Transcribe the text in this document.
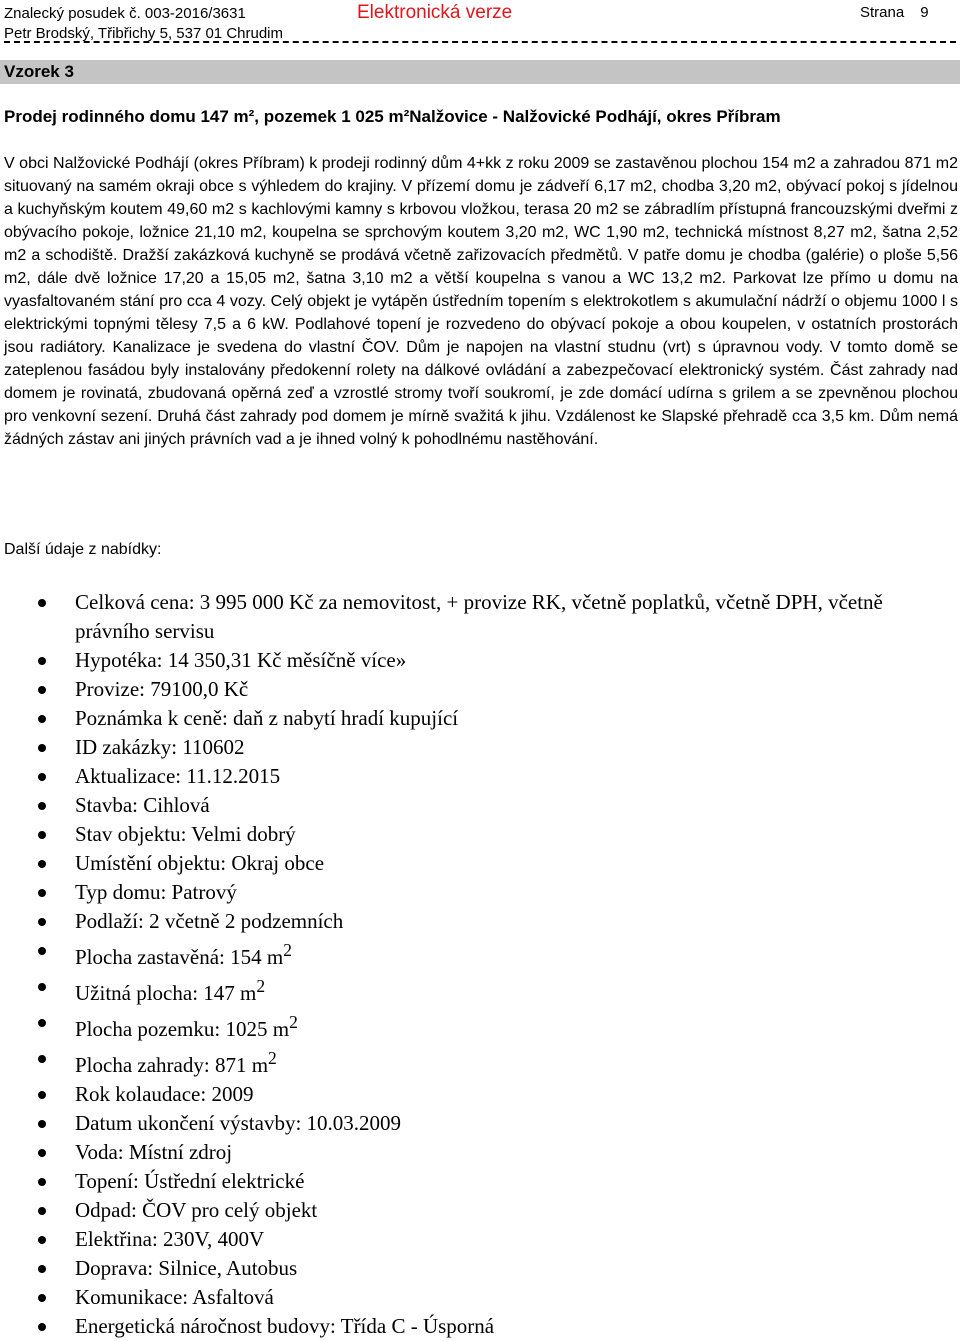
Znalecký posudek č. 003-2016/3631
Petr Brodský, Třibřichy 5, 537 01 Chrudim
Elektronická verze	Strana 9
Vzorek 3
Prodej rodinného domu 147 m², pozemek 1 025 m²Nalžovice - Nalžovické Podhájí, okres Příbram

V obci Nalžovické Podhájí (okres Příbram) k prodeji rodinný dům 4+kk z roku 2009 se zastavěnou plochou 154 m2 a zahradou 871 m2 situovaný na samém okraji obce s výhledem do krajiny. V přízemí domu je zádveří 6,17 m2, chodba 3,20 m2, obývací pokoj s jídelnou a kuchyňským koutem 49,60 m2 s kachlovými kamny s krbovou vložkou, terasa 20 m2 se zábradlím přístupná francouzskými dveřmi z obývacího pokoje, ložnice 21,10 m2, koupelna se sprchovým koutem 3,20 m2, WC 1,90 m2, technická místnost 8,27 m2, šatna 2,52 m2 a schodiště. Dražší zakázková kuchyně se prodává včetně zařizovacích předmětů. V patře domu je chodba (galérie) o ploše 5,56 m2, dále dvě ložnice 17,20 a 15,05 m2, šatna 3,10 m2 a větší koupelna s vanou a WC 13,2 m2. Parkovat lze přímo u domu na vyasfaltovaném stání pro cca 4 vozy. Celý objekt je vytápěn ústředním topením s elektrokotlem s akumulační nádrží o objemu 1000 l s elektrickými topnými tělesy 7,5 a 6 kW. Podlahové topení je rozvedeno do obývací pokoje a obou koupelen, v ostatních prostorách jsou radiátory. Kanalizace je svedena do vlastní ČOV. Dům je napojen na vlastní studnu (vrt) s úpravnou vody. V tomto domě se zateplenou fasádou byly instalovány předokenní rolety na dálkové ovládání a zabezpečovací elektronický systém. Část zahrady nad domem je rovinatá, zbudovaná opěrná zeď a vzrostlé stromy tvoří soukromí, je zde domácí udírna s grilem a se zpevněnou plochou pro venkovní sezení. Druhá část zahrady pod domem je mírně svažitá k jihu. Vzdálenost ke Slapské přehradě cca 3,5 km. Dům nemá žádných zástav ani jiných právních vad a je ihned volný k pohodlnému nastěhování.

Další údaje z nabídky:
Celková cena: 3 995 000 Kč za nemovitost, + provize RK, včetně poplatků, včetně DPH, včetně právního servisu
Hypotéka: 14 350,31 Kč měsíčně více»
Provize: 79100,0 Kč
Poznámka k ceně: daň z nabytí hradí kupující
ID zakázky: 110602
Aktualizace: 11.12.2015
Stavba: Cihlová
Stav objektu: Velmi dobrý
Umístění objektu: Okraj obce
Typ domu: Patrový
Podlaží: 2 včetně 2 podzemních
Plocha zastavěná: 154 $m^2$
Užitná plocha: 147 $m^2$
Plocha pozemku: 1025 $m^2$
Plocha zahrady: 871 $m^2$
Rok kolaudace: 2009
Datum ukončení výstavby: 10.03.2009
Voda: Místní zdroj
Topení: Ústřední elektrické
Odpad: ČOV pro celý objekt
Elektřina: 230V, 400V
Doprava: Silnice, Autobus
Komunikace: Asfaltová
Energetická náročnost budovy: Třída C - Úsporná
